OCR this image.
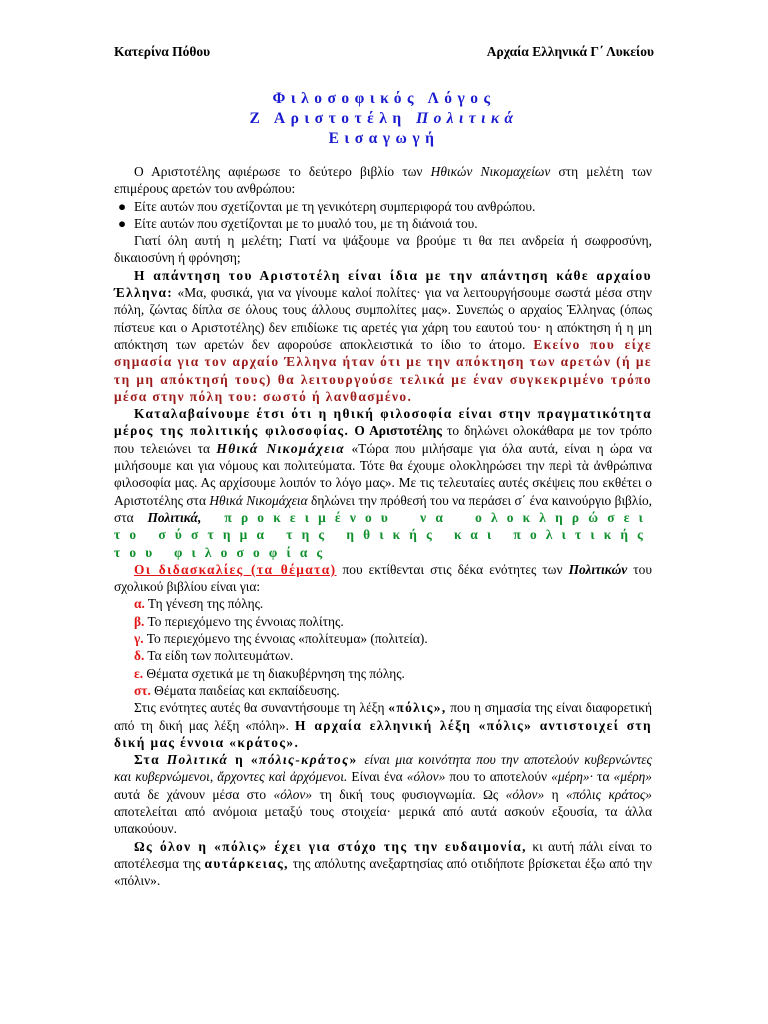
Κατερίνα Πόθου	Αρχαία Ελληνικά Γ΄ Λυκείου
Φιλοσοφικός Λόγος
Ζ Αριστοτέλη Πολιτικά
Εισαγωγή

Ο Αριστοτέλης αφιέρωσε το δεύτερο βιβλίο των Ηθικών Νικομαχείων στη μελέτη των επιμέρους αρετών του ανθρώπου:

● Είτε αυτών που σχετίζονται με τη γενικότερη συμπεριφορά του ανθρώπου.

● Είτε αυτών που σχετίζονται με το μυαλό του, με τη διάνοιά του.

Γιατί όλη αυτή η μελέτη; Γιατί να ψάξουμε να βρούμε τι θα πει ανδρεία ή σωφροσύνη, δικαιοσύνη ή φρόνηση;

Η απάντηση του Αριστοτέλη είναι ίδια με την απάντηση κάθε αρχαίου Έλληνα: «Μα, φυσικά, για να γίνουμε καλοί πολίτες· για να λειτουργήσουμε σωστά μέσα στην πόλη, ζώντας δίπλα σε όλους τους άλλους συμπολίτες μας». Συνεπώς ο αρχαίος Έλληνας (όπως πίστευε και ο Αριστοτέλης) δεν επιδίωκε τις αρετές για χάρη του εαυτού του· η απόκτηση ή η μη απόκτηση των αρετών δεν αφορούσε αποκλειστικά το ίδιο το άτομο. Εκείνο που είχε σημασία για τον αρχαίο Έλληνα ήταν ότι με την απόκτηση των αρετών (ή με τη μη απόκτησή τους) θα λειτουργούσε τελικά με έναν συγκεκριμένο τρόπο μέσα στην πόλη του: σωστό ή λανθασμένο.

Καταλαβαίνουμε έτσι ότι η ηθική φιλοσοφία είναι στην πραγματικότητα μέρος της πολιτικής φιλοσοφίας. Ο Αριστοτέλης το δηλώνει ολοκάθαρα με τον τρόπο που τελειώνει τα Ηθικά Νικομάχεια «Τώρα που μιλήσαμε για όλα αυτά, είναι η ώρα να μιλήσουμε και για νόμους και πολιτεύματα. Τότε θα έχουμε ολοκληρώσει την περὶ τὰ ἀνθρώπινα φιλοσοφία μας. Ας αρχίσουμε λοιπόν το λόγο μας». Με τις τελευταίες αυτές σκέψεις που εκθέτει ο Αριστοτέλης στα Ηθικά Νικομάχεια δηλώνει την πρόθεσή του να περάσει σ΄ ένα καινούργιο βιβλίο, στα Πολιτικά, προκειμένου να ολοκληρώσει το σύστημα της ηθικής και πολιτικής του φιλοσοφίας

Οι διδασκαλίες (τα θέματα) που εκτίθενται στις δέκα ενότητες των Πολιτικών του σχολικού βιβλίου είναι για:

α. Τη γένεση της πόλης.

β. Το περιεχόμενο της έννοιας πολίτης.

γ. Το περιεχόμενο της έννοιας «πολίτευμα» (πολιτεία).

δ. Τα είδη των πολιτευμάτων.

ε. Θέματα σχετικά με τη διακυβέρνηση της πόλης.

στ. Θέματα παιδείας και εκπαίδευσης.

Στις ενότητες αυτές θα συναντήσουμε τη λέξη «πόλις», που η σημασία της είναι διαφορετική από τη δική μας λέξη «πόλη». Η αρχαία ελληνική λέξη «πόλις» αντιστοιχεί στη δική μας έννοια «κράτος».

Στα Πολιτικά η «πόλις-κράτος» είναι μια κοινότητα που την αποτελούν κυβερνώντες και κυβερνώμενοι, ἄρχοντες καὶ ἀρχόμενοι. Είναι ένα «όλον» που το αποτελούν «μέρη»· τα «μέρη» αυτά δε χάνουν μέσα στο «όλον» τη δική τους φυσιογνωμία. Ως «όλον» η «πόλις κράτος» αποτελείται από ανόμοια μεταξύ τους στοιχεία· μερικά από αυτά ασκούν εξουσία, τα άλλα υπακούουν.

Ως όλον η «πόλις» έχει για στόχο της την ευδαιμονία, κι αυτή πάλι είναι το αποτέλεσμα της αυτάρκειας, της απόλυτης ανεξαρτησίας από οτιδήποτε βρίσκεται έξω από την «πόλιν».
